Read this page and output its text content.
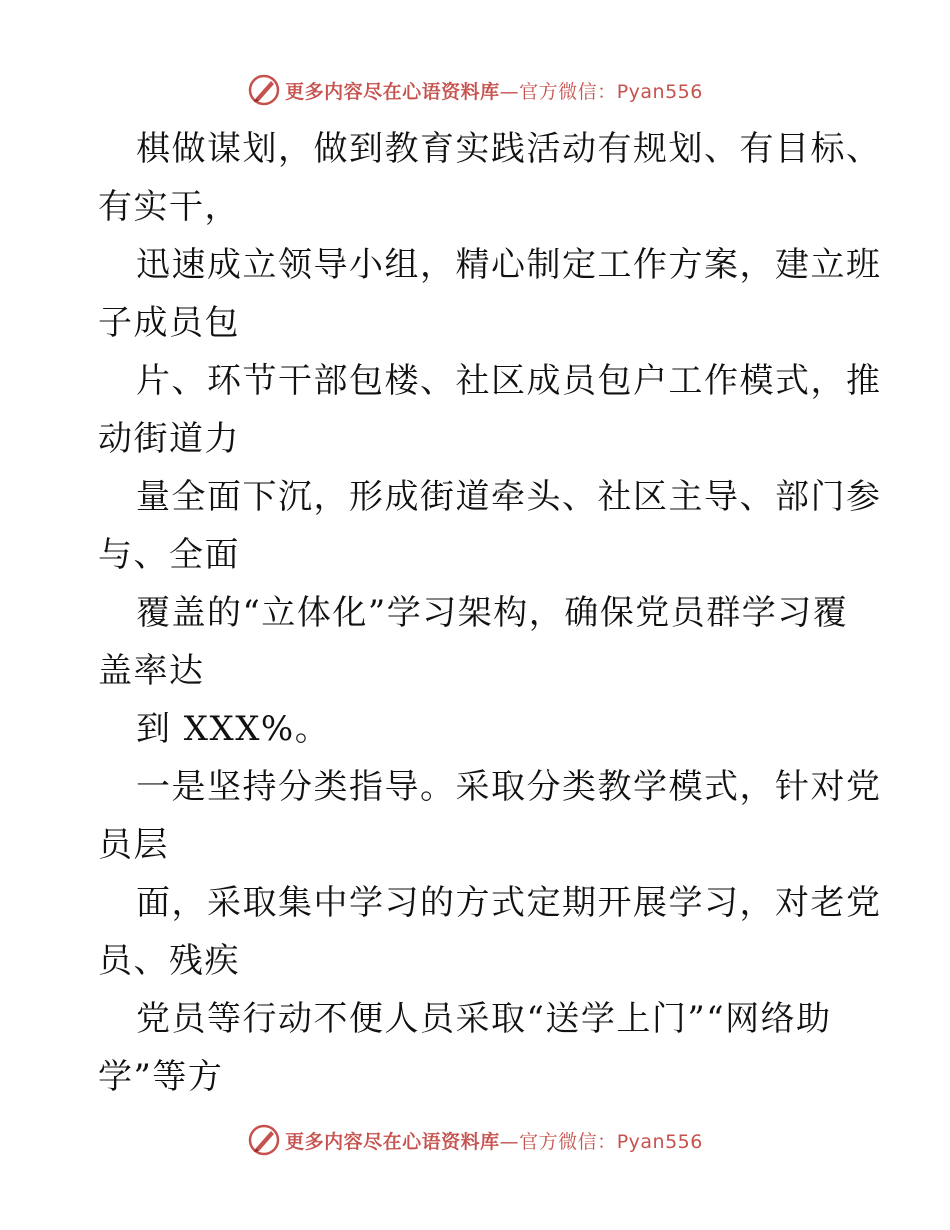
更多内容尽在心语资料库—官方微信：Pyan556
棋做谋划，做到教育实践活动有规划、有目标、
有实干，
迅速成立领导小组，精心制定工作方案，建立班
子成员包
片、环节干部包楼、社区成员包户工作模式，推
动街道力
量全面下沉，形成街道牵头、社区主导、部门参
与、全面
覆盖的“立体化”学习架构，确保党员群学习覆
盖率达
到 XXX%。
一是坚持分类指导。采取分类教学模式，针对党
员层
面，采取集中学习的方式定期开展学习，对老党
员、残疾
党员等行动不便人员采取“送学上门”“网络助
学”等方
更多内容尽在心语资料库—官方微信：Pyan556
